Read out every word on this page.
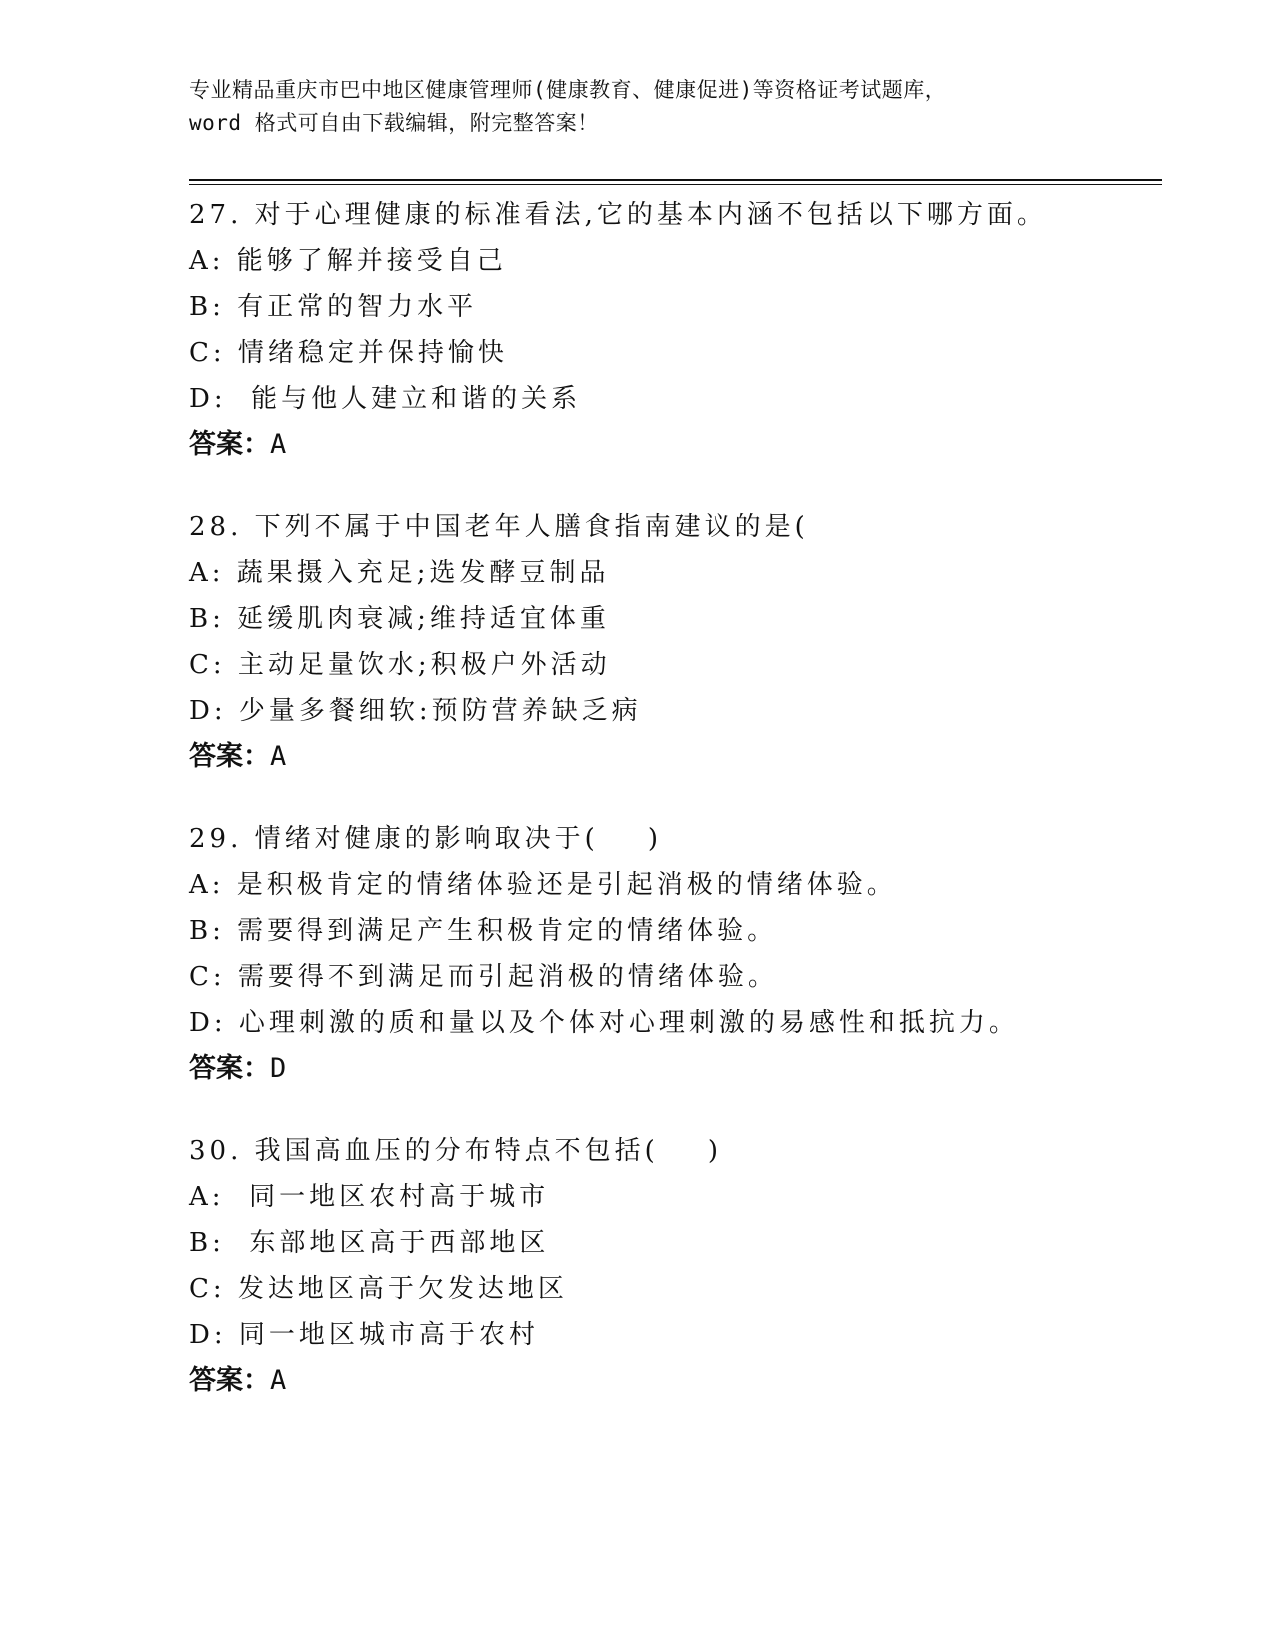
专业精品重庆市巴中地区健康管理师(健康教育、健康促进)等资格证考试题库，
word 格式可自由下载编辑，附完整答案！
27. 对于心理健康的标准看法,它的基本内涵不包括以下哪方面。
A: 能够了解并接受自己
B: 有正常的智力水平
C: 情绪稳定并保持愉快
D:  能与他人建立和谐的关系
答案：A
28. 下列不属于中国老年人膳食指南建议的是(
A: 蔬果摄入充足;选发酵豆制品
B: 延缓肌肉衰减;维持适宜体重
C: 主动足量饮水;积极户外活动
D: 少量多餐细软:预防营养缺乏病
答案：A
29. 情绪对健康的影响取决于(    )
A: 是积极肯定的情绪体验还是引起消极的情绪体验。
B: 需要得到满足产生积极肯定的情绪体验。
C: 需要得不到满足而引起消极的情绪体验。
D: 心理刺激的质和量以及个体对心理刺激的易感性和抵抗力。
答案：D
30. 我国高血压的分布特点不包括(    )
A:  同一地区农村高于城市
B:  东部地区高于西部地区
C: 发达地区高于欠发达地区
D: 同一地区城市高于农村
答案：A
